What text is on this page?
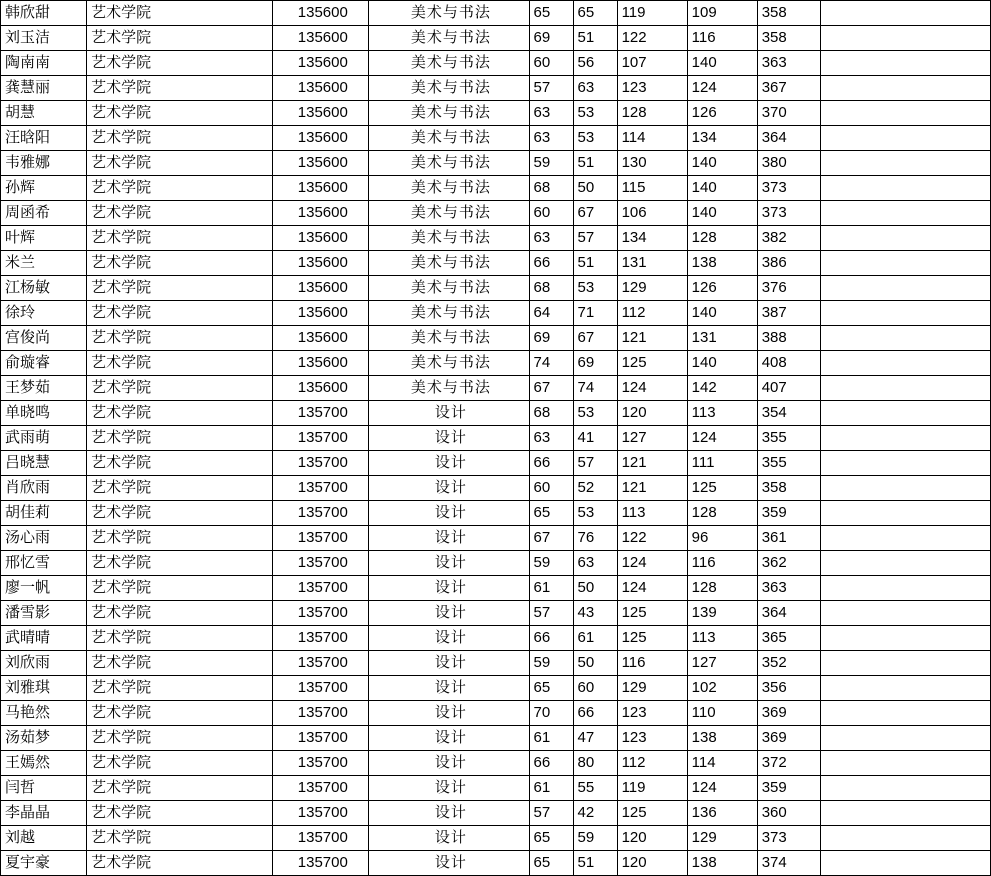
韩欣甜	艺术学院	135600	美术与书法	65	65	119	109	358	
刘玉洁	艺术学院	135600	美术与书法	69	51	122	116	358	
陶南南	艺术学院	135600	美术与书法	60	56	107	140	363	
龚慧丽	艺术学院	135600	美术与书法	57	63	123	124	367	
胡慧	艺术学院	135600	美术与书法	63	53	128	126	370	
汪晗阳	艺术学院	135600	美术与书法	63	53	114	134	364	
韦雅娜	艺术学院	135600	美术与书法	59	51	130	140	380	
孙辉	艺术学院	135600	美术与书法	68	50	115	140	373	
周函希	艺术学院	135600	美术与书法	60	67	106	140	373	
叶辉	艺术学院	135600	美术与书法	63	57	134	128	382	
米兰	艺术学院	135600	美术与书法	66	51	131	138	386	
江杨敏	艺术学院	135600	美术与书法	68	53	129	126	376	
徐玲	艺术学院	135600	美术与书法	64	71	112	140	387	
宫俊尚	艺术学院	135600	美术与书法	69	67	121	131	388	
俞璇睿	艺术学院	135600	美术与书法	74	69	125	140	408	
王梦茹	艺术学院	135600	美术与书法	67	74	124	142	407	
单晓鸣	艺术学院	135700	设计	68	53	120	113	354	
武雨萌	艺术学院	135700	设计	63	41	127	124	355	
吕晓慧	艺术学院	135700	设计	66	57	121	111	355	
肖欣雨	艺术学院	135700	设计	60	52	121	125	358	
胡佳莉	艺术学院	135700	设计	65	53	113	128	359	
汤心雨	艺术学院	135700	设计	67	76	122	96	361	
邢忆雪	艺术学院	135700	设计	59	63	124	116	362	
廖一帆	艺术学院	135700	设计	61	50	124	128	363	
潘雪影	艺术学院	135700	设计	57	43	125	139	364	
武晴晴	艺术学院	135700	设计	66	61	125	113	365	
刘欣雨	艺术学院	135700	设计	59	50	116	127	352	
刘雅琪	艺术学院	135700	设计	65	60	129	102	356	
马艳然	艺术学院	135700	设计	70	66	123	110	369	
汤茹梦	艺术学院	135700	设计	61	47	123	138	369	
王嫣然	艺术学院	135700	设计	66	80	112	114	372	
闫哲	艺术学院	135700	设计	61	55	119	124	359	
李晶晶	艺术学院	135700	设计	57	42	125	136	360	
刘越	艺术学院	135700	设计	65	59	120	129	373	
夏宇豪	艺术学院	135700	设计	65	51	120	138	374	
